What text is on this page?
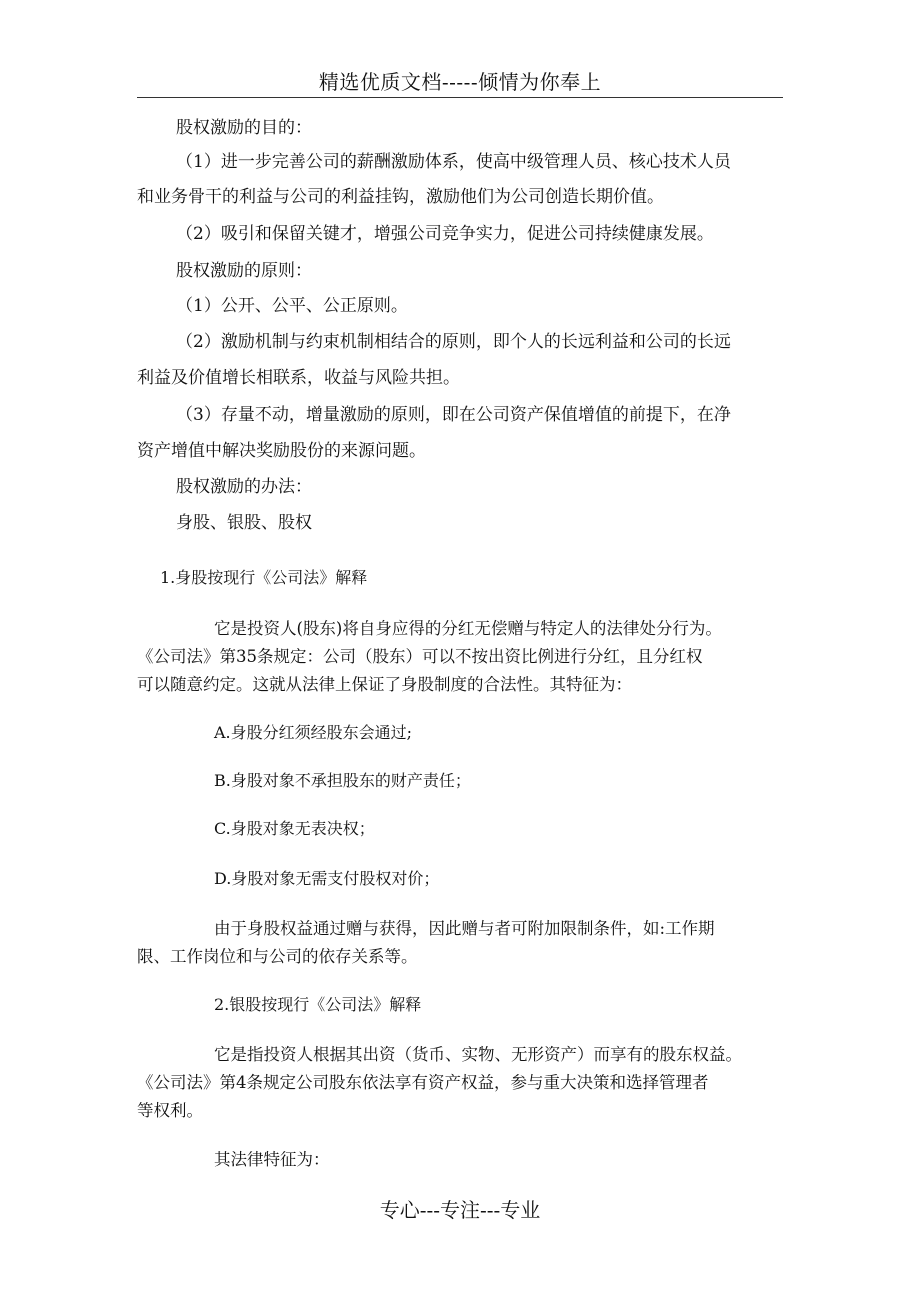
精选优质文档-----倾情为你奉上
股权激励的目的：
（1）进一步完善公司的薪酬激励体系，使高中级管理人员、核心技术人员
和业务骨干的利益与公司的利益挂钩，激励他们为公司创造长期价值。
（2）吸引和保留关键才，增强公司竞争实力，促进公司持续健康发展。
股权激励的原则：
（1）公开、公平、公正原则。
（2）激励机制与约束机制相结合的原则，即个人的长远利益和公司的长远
利益及价值增长相联系，收益与风险共担。
（3）存量不动，增量激励的原则，即在公司资产保值增值的前提下，在净
资产增值中解决奖励股份的来源问题。
股权激励的办法：
身股、银股、股权
1.身股按现行《公司法》解释
它是投资人(股东)将自身应得的分红无偿赠与特定人的法律处分行为。
《公司法》第35条规定：公司（股东）可以不按出资比例进行分红，且分红权
可以随意约定。这就从法律上保证了身股制度的合法性。其特征为：
A.身股分红须经股东会通过;
B.身股对象不承担股东的财产责任；
C.身股对象无表决权；
D.身股对象无需支付股权对价；
由于身股权益通过赠与获得，因此赠与者可附加限制条件，如:工作期
限、工作岗位和与公司的依存关系等。
2.银股按现行《公司法》解释
它是指投资人根据其出资（货币、实物、无形资产）而享有的股东权益。
《公司法》第4条规定公司股东依法享有资产权益，参与重大决策和选择管理者
等权利。
其法律特征为：
专心---专注---专业
